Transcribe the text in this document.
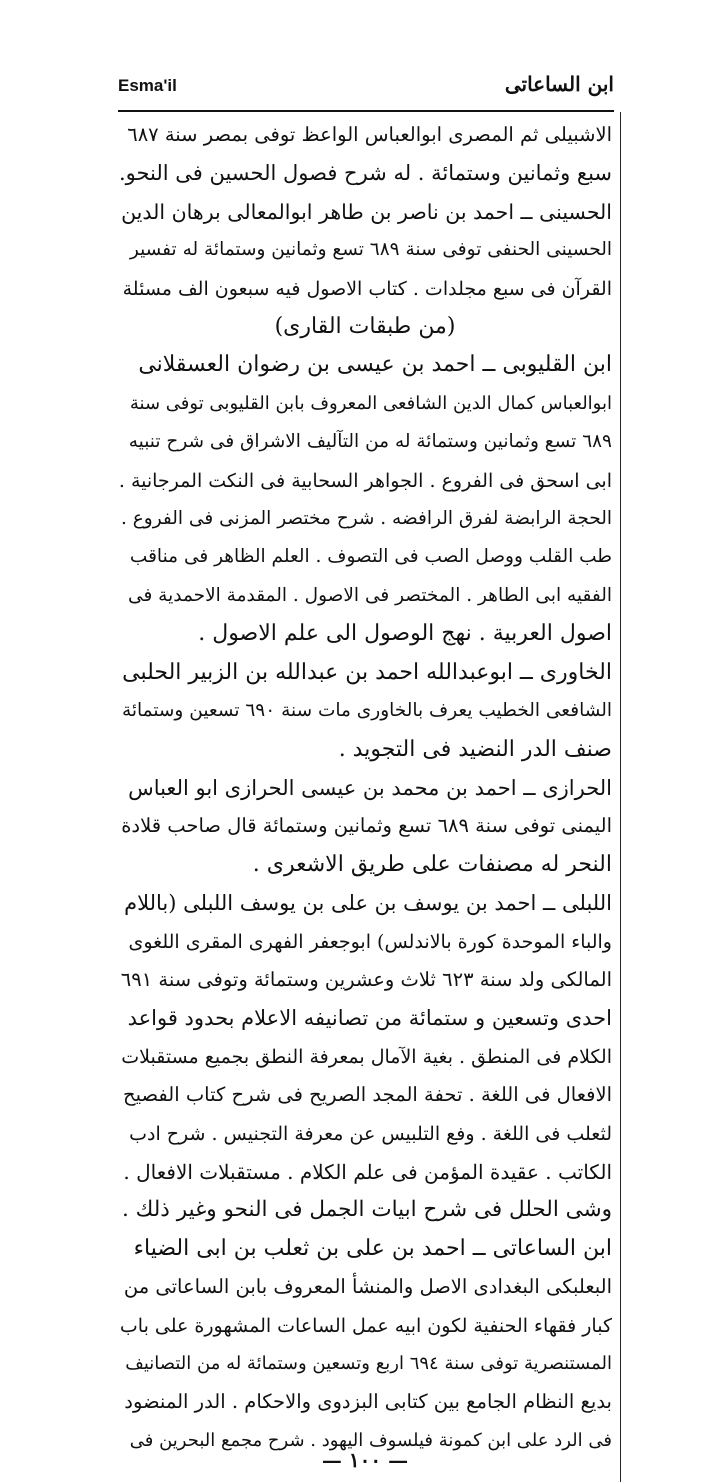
Esma'il	ابن الساعاتى
الاشبيلى ثم المصرى ابوالعباس الواعظ توفى بمصر سنة ٦٨٧
سبع وثمانين وستمائة . له شرح فصول الحسين فى النحو.
الحسينى ــ احمد بن ناصر بن طاهر ابوالمعالى برهان الدين
الحسينى الحنفى توفى سنة ٦٨٩ تسع وثمانين وستمائة له تفسير
القرآن فى سبع مجلدات . كتاب الاصول فيه سبعون الف مسئلة
(من طبقات القارى)
ابن القليوبى ــ احمد بن عيسى بن رضوان العسقلانى
ابوالعباس كمال الدين الشافعى المعروف بابن القليوبى توفى سنة
٦٨٩ تسع وثمانين وستمائة له من التآليف الاشراق فى شرح تنبيه
ابى اسحق فى الفروع . الجواهر السحابية فى النكت المرجانية .
الحجة الرابضة لفرق الرافضه . شرح مختصر المزنى فى الفروع .
طب القلب ووصل الصب فى التصوف . العلم الظاهر فى مناقب
الفقيه ابى الطاهر . المختصر فى الاصول . المقدمة الاحمدية فى
اصول العربية . نهج الوصول الى علم الاصول .
الخاورى ــ ابوعبدالله احمد بن عبدالله بن الزبير الحلبى
الشافعى الخطيب يعرف بالخاورى مات سنة ٦٩٠ تسعين وستمائة
صنف الدر النضيد فى التجويد .
الحرازى ــ احمد بن محمد بن عيسى الحرازى ابو العباس
اليمنى توفى سنة ٦٨٩ تسع وثمانين وستمائة قال صاحب قلادة
النحر له مصنفات على طريق الاشعرى .
اللبلى ــ احمد بن يوسف بن على بن يوسف اللبلى (باللام
والباء الموحدة كورة بالاندلس) ابوجعفر الفهرى المقرى اللغوى
المالكى ولد سنة ٦٢٣ ثلاث وعشرين وستمائة وتوفى سنة ٦٩١
احدى وتسعين و ستمائة من تصانيفه الاعلام بحدود قواعد
الكلام فى المنطق . بغية الآمال بمعرفة النطق بجميع مستقبلات
الافعال فى اللغة . تحفة المجد الصريح فى شرح كتاب الفصيح
لثعلب فى اللغة . وفع التلبيس عن معرفة التجنيس . شرح ادب
الكاتب . عقيدة المؤمن فى علم الكلام . مستقبلات الافعال .
وشى الحلل فى شرح ابيات الجمل فى النحو وغير ذلك .
ابن الساعاتى ــ احمد بن على بن ثعلب بن ابى الضياء
البعلبكى البغدادى الاصل والمنشأ المعروف بابن الساعاتى من
كبار فقهاء الحنفية لكون ابيه عمل الساعات المشهورة على باب
المستنصرية توفى سنة ٦٩٤ اربع وتسعين وستمائة له من التصانيف
بديع النظام الجامع بين كتابى البزدوى والاحكام . الدر المنضود
فى الرد على ابن كمونة فيلسوف اليهود . شرح مجمع البحرين فى
— ١٠٠ —
